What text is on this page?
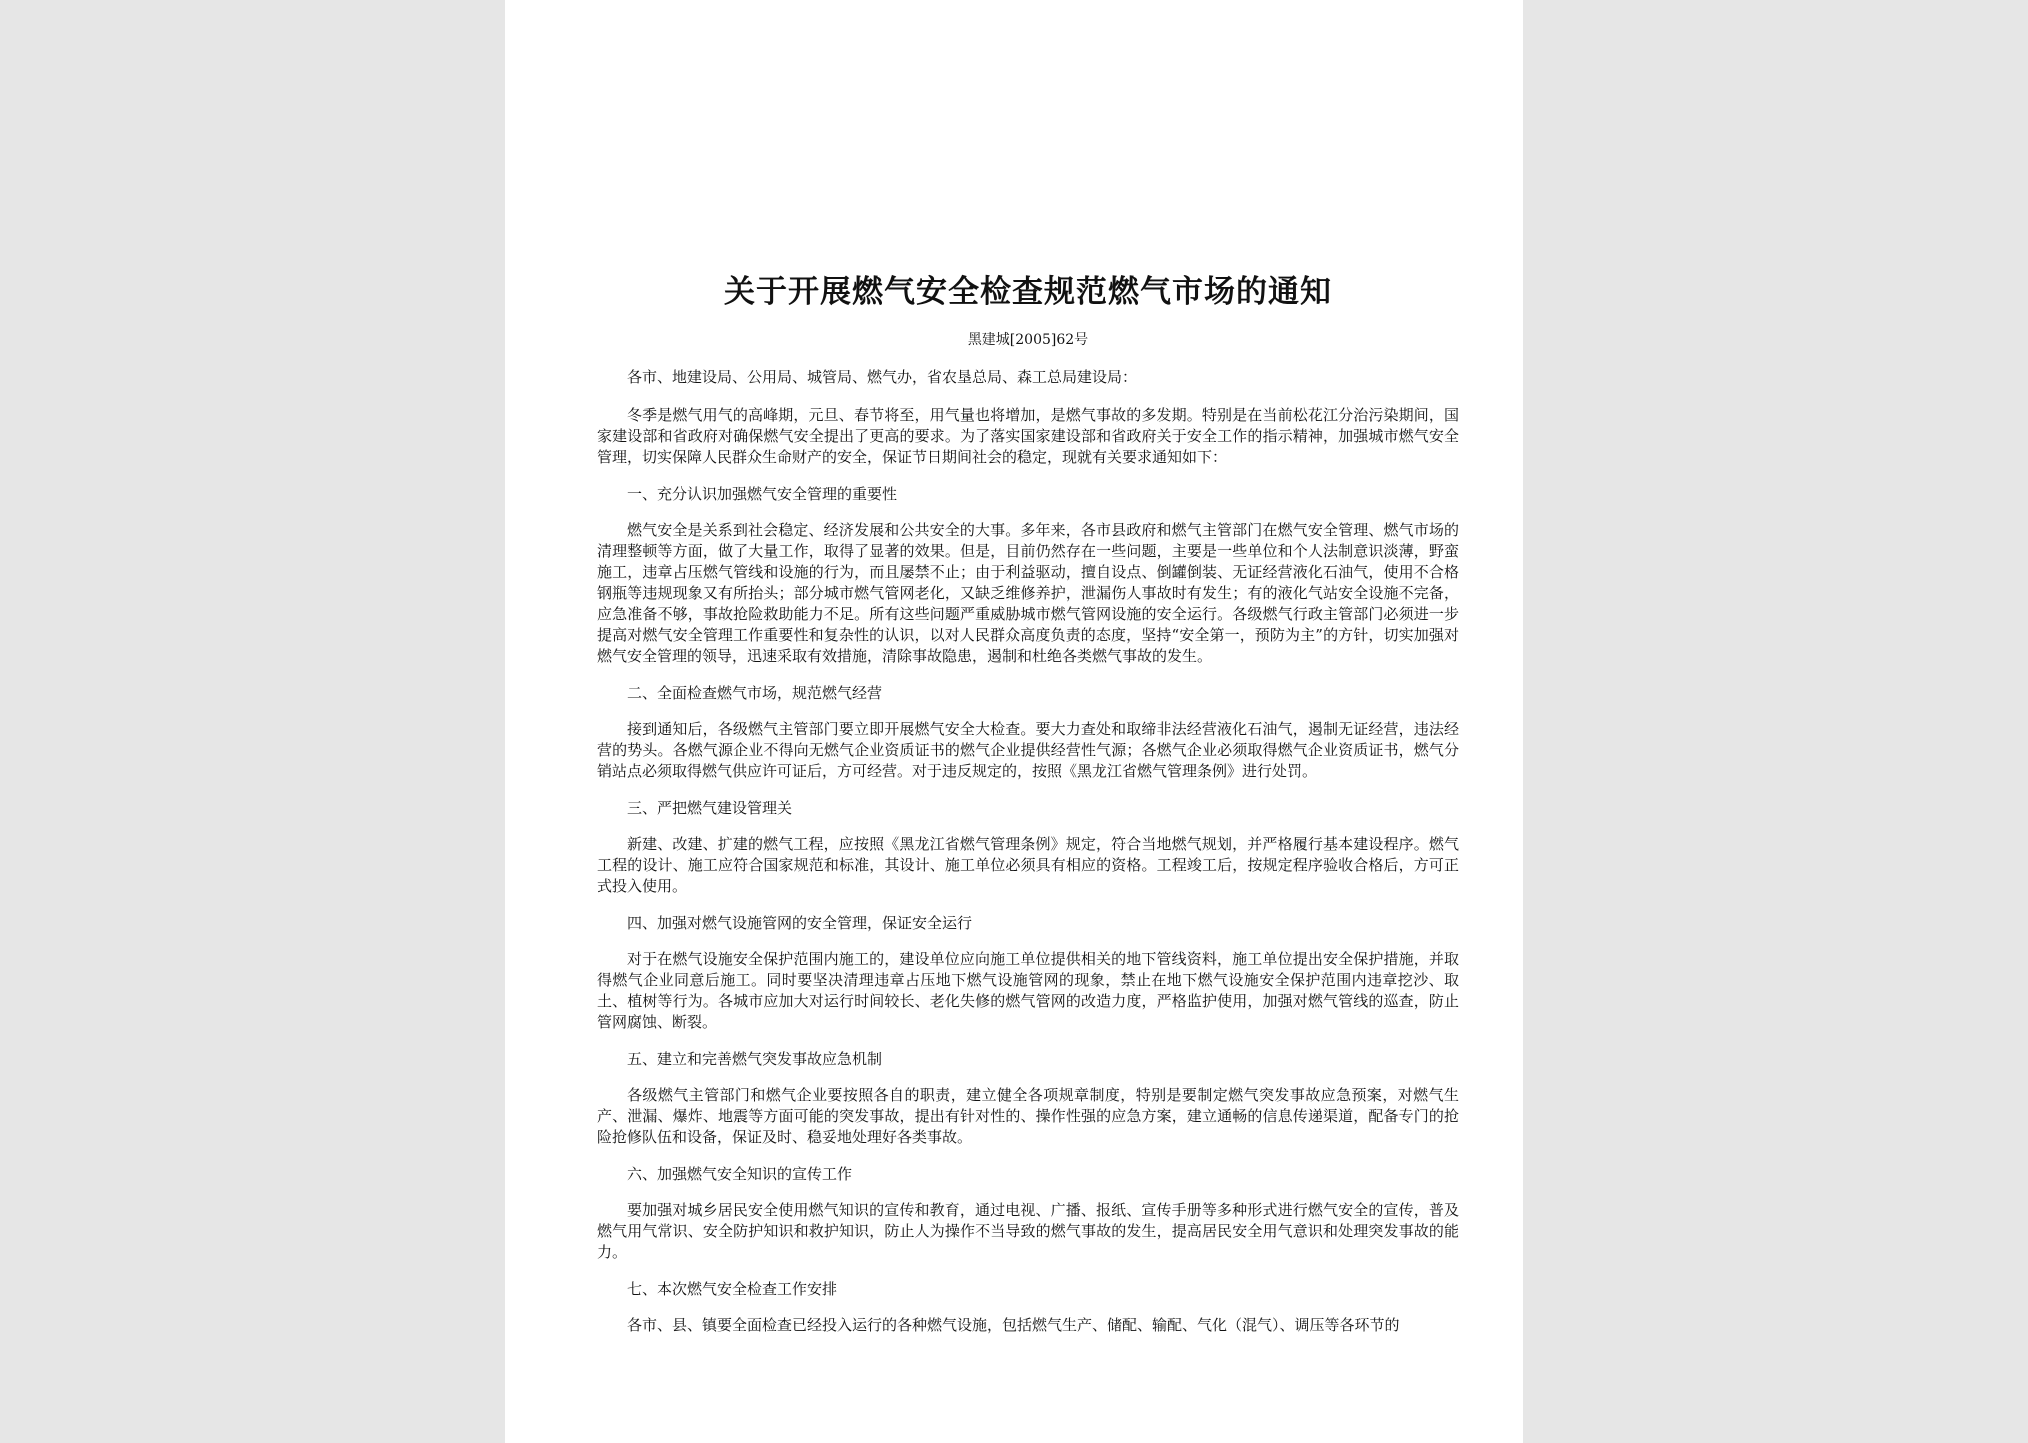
关于开展燃气安全检查规范燃气市场的通知
黑建城[2005]62号

各市、地建设局、公用局、城管局、燃气办，省农垦总局、森工总局建设局：

冬季是燃气用气的高峰期，元旦、春节将至，用气量也将增加，是燃气事故的多发期。特别是在当前松花江分治污染期间，国家建设部和省政府对确保燃气安全提出了更高的要求。为了落实国家建设部和省政府关于安全工作的指示精神，加强城市燃气安全管理，切实保障人民群众生命财产的安全，保证节日期间社会的稳定，现就有关要求通知如下：

一、充分认识加强燃气安全管理的重要性

燃气安全是关系到社会稳定、经济发展和公共安全的大事。多年来，各市县政府和燃气主管部门在燃气安全管理、燃气市场的清理整顿等方面，做了大量工作，取得了显著的效果。但是，目前仍然存在一些问题，主要是一些单位和个人法制意识淡薄，野蛮施工，违章占压燃气管线和设施的行为，而且屡禁不止；由于利益驱动，擅自设点、倒罐倒装、无证经营液化石油气，使用不合格钢瓶等违规现象又有所抬头；部分城市燃气管网老化，又缺乏维修养护，泄漏伤人事故时有发生；有的液化气站安全设施不完备，应急准备不够，事故抢险救助能力不足。所有这些问题严重威胁城市燃气管网设施的安全运行。各级燃气行政主管部门必须进一步提高对燃气安全管理工作重要性和复杂性的认识，以对人民群众高度负责的态度，坚持“安全第一，预防为主”的方针，切实加强对燃气安全管理的领导，迅速采取有效措施，清除事故隐患，遏制和杜绝各类燃气事故的发生。

二、全面检查燃气市场，规范燃气经营

接到通知后，各级燃气主管部门要立即开展燃气安全大检查。要大力查处和取缔非法经营液化石油气，遏制无证经营，违法经营的势头。各燃气源企业不得向无燃气企业资质证书的燃气企业提供经营性气源；各燃气企业必须取得燃气企业资质证书，燃气分销站点必须取得燃气供应许可证后，方可经营。对于违反规定的，按照《黑龙江省燃气管理条例》进行处罚。

三、严把燃气建设管理关

新建、改建、扩建的燃气工程，应按照《黑龙江省燃气管理条例》规定，符合当地燃气规划，并严格履行基本建设程序。燃气工程的设计、施工应符合国家规范和标准，其设计、施工单位必须具有相应的资格。工程竣工后，按规定程序验收合格后，方可正式投入使用。

四、加强对燃气设施管网的安全管理，保证安全运行

对于在燃气设施安全保护范围内施工的，建设单位应向施工单位提供相关的地下管线资料，施工单位提出安全保护措施，并取得燃气企业同意后施工。同时要坚决清理违章占压地下燃气设施管网的现象，禁止在地下燃气设施安全保护范围内违章挖沙、取土、植树等行为。各城市应加大对运行时间较长、老化失修的燃气管网的改造力度，严格监护使用，加强对燃气管线的巡查，防止管网腐蚀、断裂。

五、建立和完善燃气突发事故应急机制

各级燃气主管部门和燃气企业要按照各自的职责，建立健全各项规章制度，特别是要制定燃气突发事故应急预案，对燃气生产、泄漏、爆炸、地震等方面可能的突发事故，提出有针对性的、操作性强的应急方案，建立通畅的信息传递渠道，配备专门的抢险抢修队伍和设备，保证及时、稳妥地处理好各类事故。

六、加强燃气安全知识的宣传工作

要加强对城乡居民安全使用燃气知识的宣传和教育，通过电视、广播、报纸、宣传手册等多种形式进行燃气安全的宣传，普及燃气用气常识、安全防护知识和救护知识，防止人为操作不当导致的燃气事故的发生，提高居民安全用气意识和处理突发事故的能力。

七、本次燃气安全检查工作安排

各市、县、镇要全面检查已经投入运行的各种燃气设施，包括燃气生产、储配、输配、气化（混气）、调压等各环节的
